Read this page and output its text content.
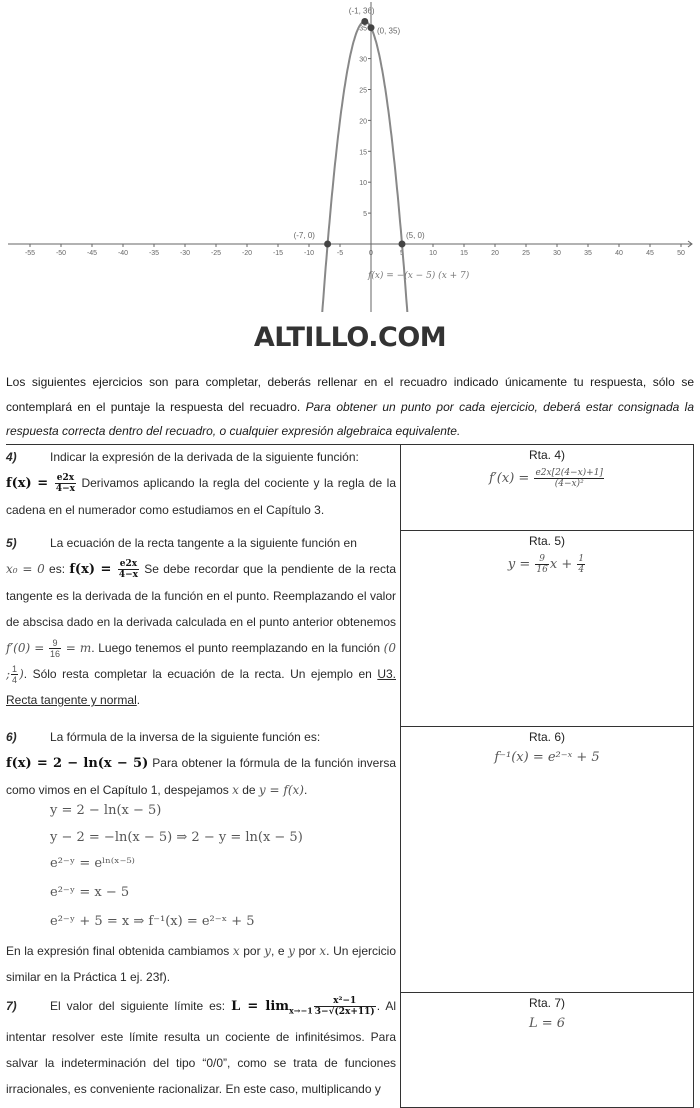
-55	-50	-45	-40	-35	-30	-25	-20	-15	-10	-5	0	5	10	15	20	25	30	35	40	45	50
5
10
15
20
25
30
35
(-1, 36)
(0, 35)
(-7, 0)	(5, 0)
f(x) = −(x − 5) (x + 7)
ALTILLO.COM
Los siguientes ejercicios son para completar, deberás rellenar en el recuadro indicado únicamente tu respuesta, sólo se contemplará en el puntaje la respuesta del recuadro. Para obtener un punto por cada ejercicio, deberá estar consignada la respuesta correcta dentro del recuadro, o cualquier expresión algebraica equivalente.
4)	Indicar la expresión de la derivada de la siguiente función:
$f(x) = \frac{e2x}{4-x}$ Derivamos aplicando la regla del cociente y la regla de la cadena en el numerador como estudiamos en el Capítulo 3.
Rta. 4)
$f'(x) = \frac{e2x[2(4-x)+1]}{\text{(4−x)²}}$
5)	La ecuación de la recta tangente a la siguiente función en
x₀ = 0 es: $f(x) = \frac{e2x}{4-x}$ Se debe recordar que la pendiente de la recta tangente es la derivada de la función en el punto. Reemplazando el valor de abscisa dado en la derivada calculada en el punto anterior obtenemos $f'(0) = \frac{9}{16} = m$. Luego tenemos el punto reemplazando en la función (0 ; $\frac{1}{4}$ ). Sólo resta completar la ecuación de la recta. Un ejemplo en U3. Recta tangente y normal.
Rta. 5)
$y = \frac{9}{16}$ $x + \frac{1}{4}$
6)	La fórmula de la inversa de la siguiente función es:
f(x) = 2 − ln(x − 5) Para obtener la fórmula de la función inversa como vimos en el Capítulo 1, despejamos x de y = f(x).
y = 2 − ln(x − 5)
y − 2 = −ln(x − 5) ⇒ 2 − y = ln(x − 5)
e²⁻ʸ = eˡⁿ⁽ˣ⁻⁵⁾
e²⁻ʸ = x − 5
e²⁻ʸ + 5 = x ⇒ f⁻¹(x) = e²⁻ˣ + 5
En la expresión final obtenida cambiamos x por y, e y por x. Un ejercicio similar en la Práctica 1 ej. 23f).
Rta. 6)
f⁻¹(x) = e²⁻ˣ + 5
7)	El valor del siguiente límite es: $L = \lim_{x\to-1} \frac{\text{x²−1}}{3-√(2x+11)}$ . Al intentar resolver este límite resulta un cociente de infinitésimos. Para salvar la indeterminación del tipo “0/0”, como se trata de funciones irracionales, es conveniente racionalizar. En este caso, multiplicando y
Rta. 7)
L = 6
